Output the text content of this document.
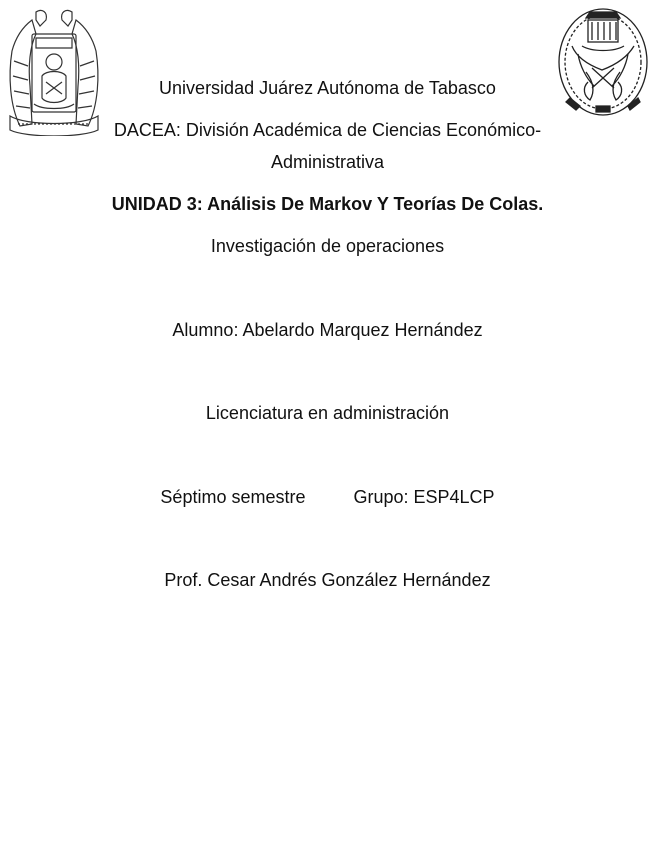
Universidad Juárez Autónoma de Tabasco
DACEA: División Académica de Ciencias Económico-
Administrativa
UNIDAD 3: Análisis De Markov Y Teorías De Colas.
Investigación de operaciones
Alumno: Abelardo Marquez Hernández
Licenciatura en administración
Séptimo semestre	Grupo: ESP4LCP
Prof. Cesar Andrés González Hernández
